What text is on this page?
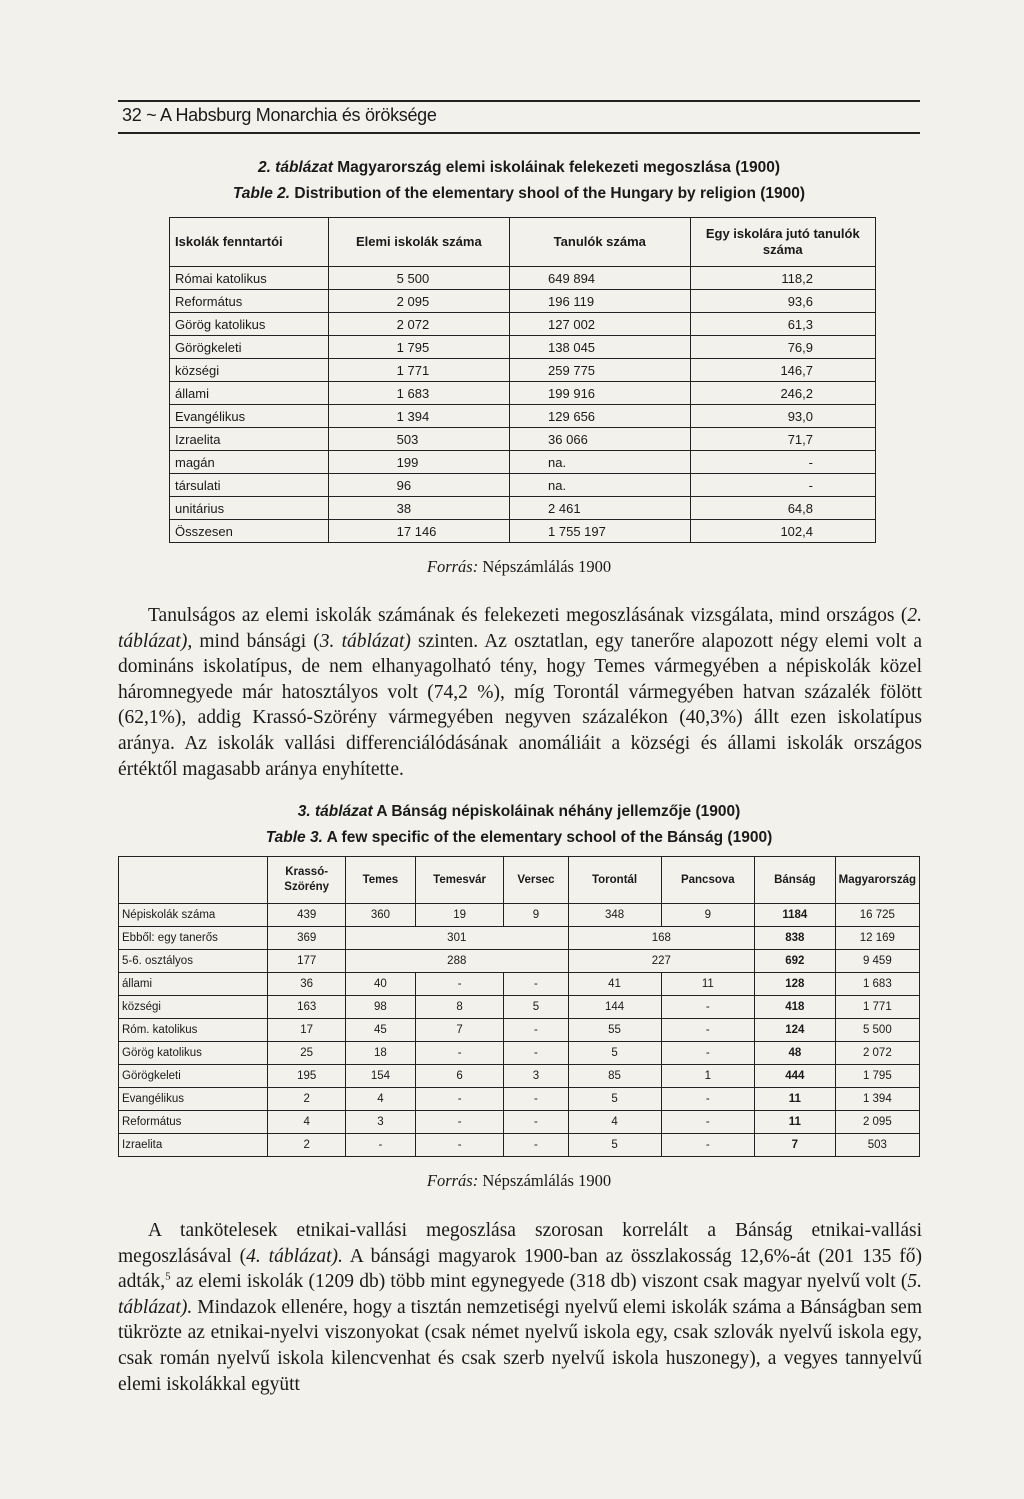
32 ~ A Habsburg Monarchia és öröksége
2. táblázat Magyarország elemi iskoláinak felekezeti megoszlása (1900)
Table 2. Distribution of the elementary shool of the Hungary by religion (1900)
Iskolák fenntartói	Elemi iskolák száma	Tanulók száma	Egy iskolára jutó tanulók száma
Római katolikus	5 500	649 894	118,2
Református	2 095	196 119	93,6
Görög katolikus	2 072	127 002	61,3
Görögkeleti	1 795	138 045	76,9
községi	1 771	259 775	146,7
állami	1 683	199 916	246,2
Evangélikus	1 394	129 656	93,0
Izraelita	503	36 066	71,7
magán	199	na.	-
társulati	96	na.	-
unitárius	38	2 461	64,8
Összesen	17 146	1 755 197	102,4
Forrás: Népszámlálás 1900
Tanulságos az elemi iskolák számának és felekezeti megoszlásának vizsgálata, mind országos (2. táblázat), mind bánsági (3. táblázat) szinten. Az osztatlan, egy tanerőre alapozott négy elemi volt a domináns iskolatípus, de nem elhanyagolható tény, hogy Temes vármegyében a népiskolák közel háromnegyede már hatosztályos volt (74,2 %), míg Torontál vármegyében hatvan százalék fölött (62,1%), addig Krassó-Szörény vármegyében negyven százalékon (40,3%) állt ezen iskolatípus aránya. Az iskolák vallási differenciálódásának anomáliáit a községi és állami iskolák országos értéktől magasabb aránya enyhítette.
3. táblázat A Bánság népiskoláinak néhány jellemzője (1900)
Table 3. A few specific of the elementary school of the Bánság (1900)
	Krassó-Szörény	Temes	Temesvár	Versec	Torontál	Pancsova	Bánság	Magyarország
Népiskolák száma	439	360	19	9	348	9	1184	16 725
Ebből: egy tanerős	369	301			168		838	12 169
5-6. osztályos	177	288			227		692	9 459
állami	36	40	-	-	41	11	128	1 683
községi	163	98	8	5	144	-	418	1 771
Róm. katolikus	17	45	7	-	55	-	124	5 500
Görög katolikus	25	18	-	-	5	-	48	2 072
Görögkeleti	195	154	6	3	85	1	444	1 795
Evangélikus	2	4	-	-	5	-	11	1 394
Református	4	3	-	-	4	-	11	2 095
Izraelita	2	-	-	-	5	-	7	503
Forrás: Népszámlálás 1900
A tankötelesek etnikai-vallási megoszlása szorosan korrelált a Bánság etnikai-vallási megoszlásával (4. táblázat). A bánsági magyarok 1900-ban az összlakosság 12,6%-át (201 135 fő) adták,$^5$ az elemi iskolák (1209 db) több mint egynegyede (318 db) viszont csak magyar nyelvű volt (5. táblázat). Mindazok ellenére, hogy a tisztán nemzetiségi nyelvű elemi iskolák száma a Bánságban sem tükrözte az etnikai-nyelvi viszonyokat (csak német nyelvű iskola egy, csak szlovák nyelvű iskola egy, csak román nyelvű iskola kilencvenhat és csak szerb nyelvű iskola huszonegy), a vegyes tannyelvű elemi iskolákkal együtt
